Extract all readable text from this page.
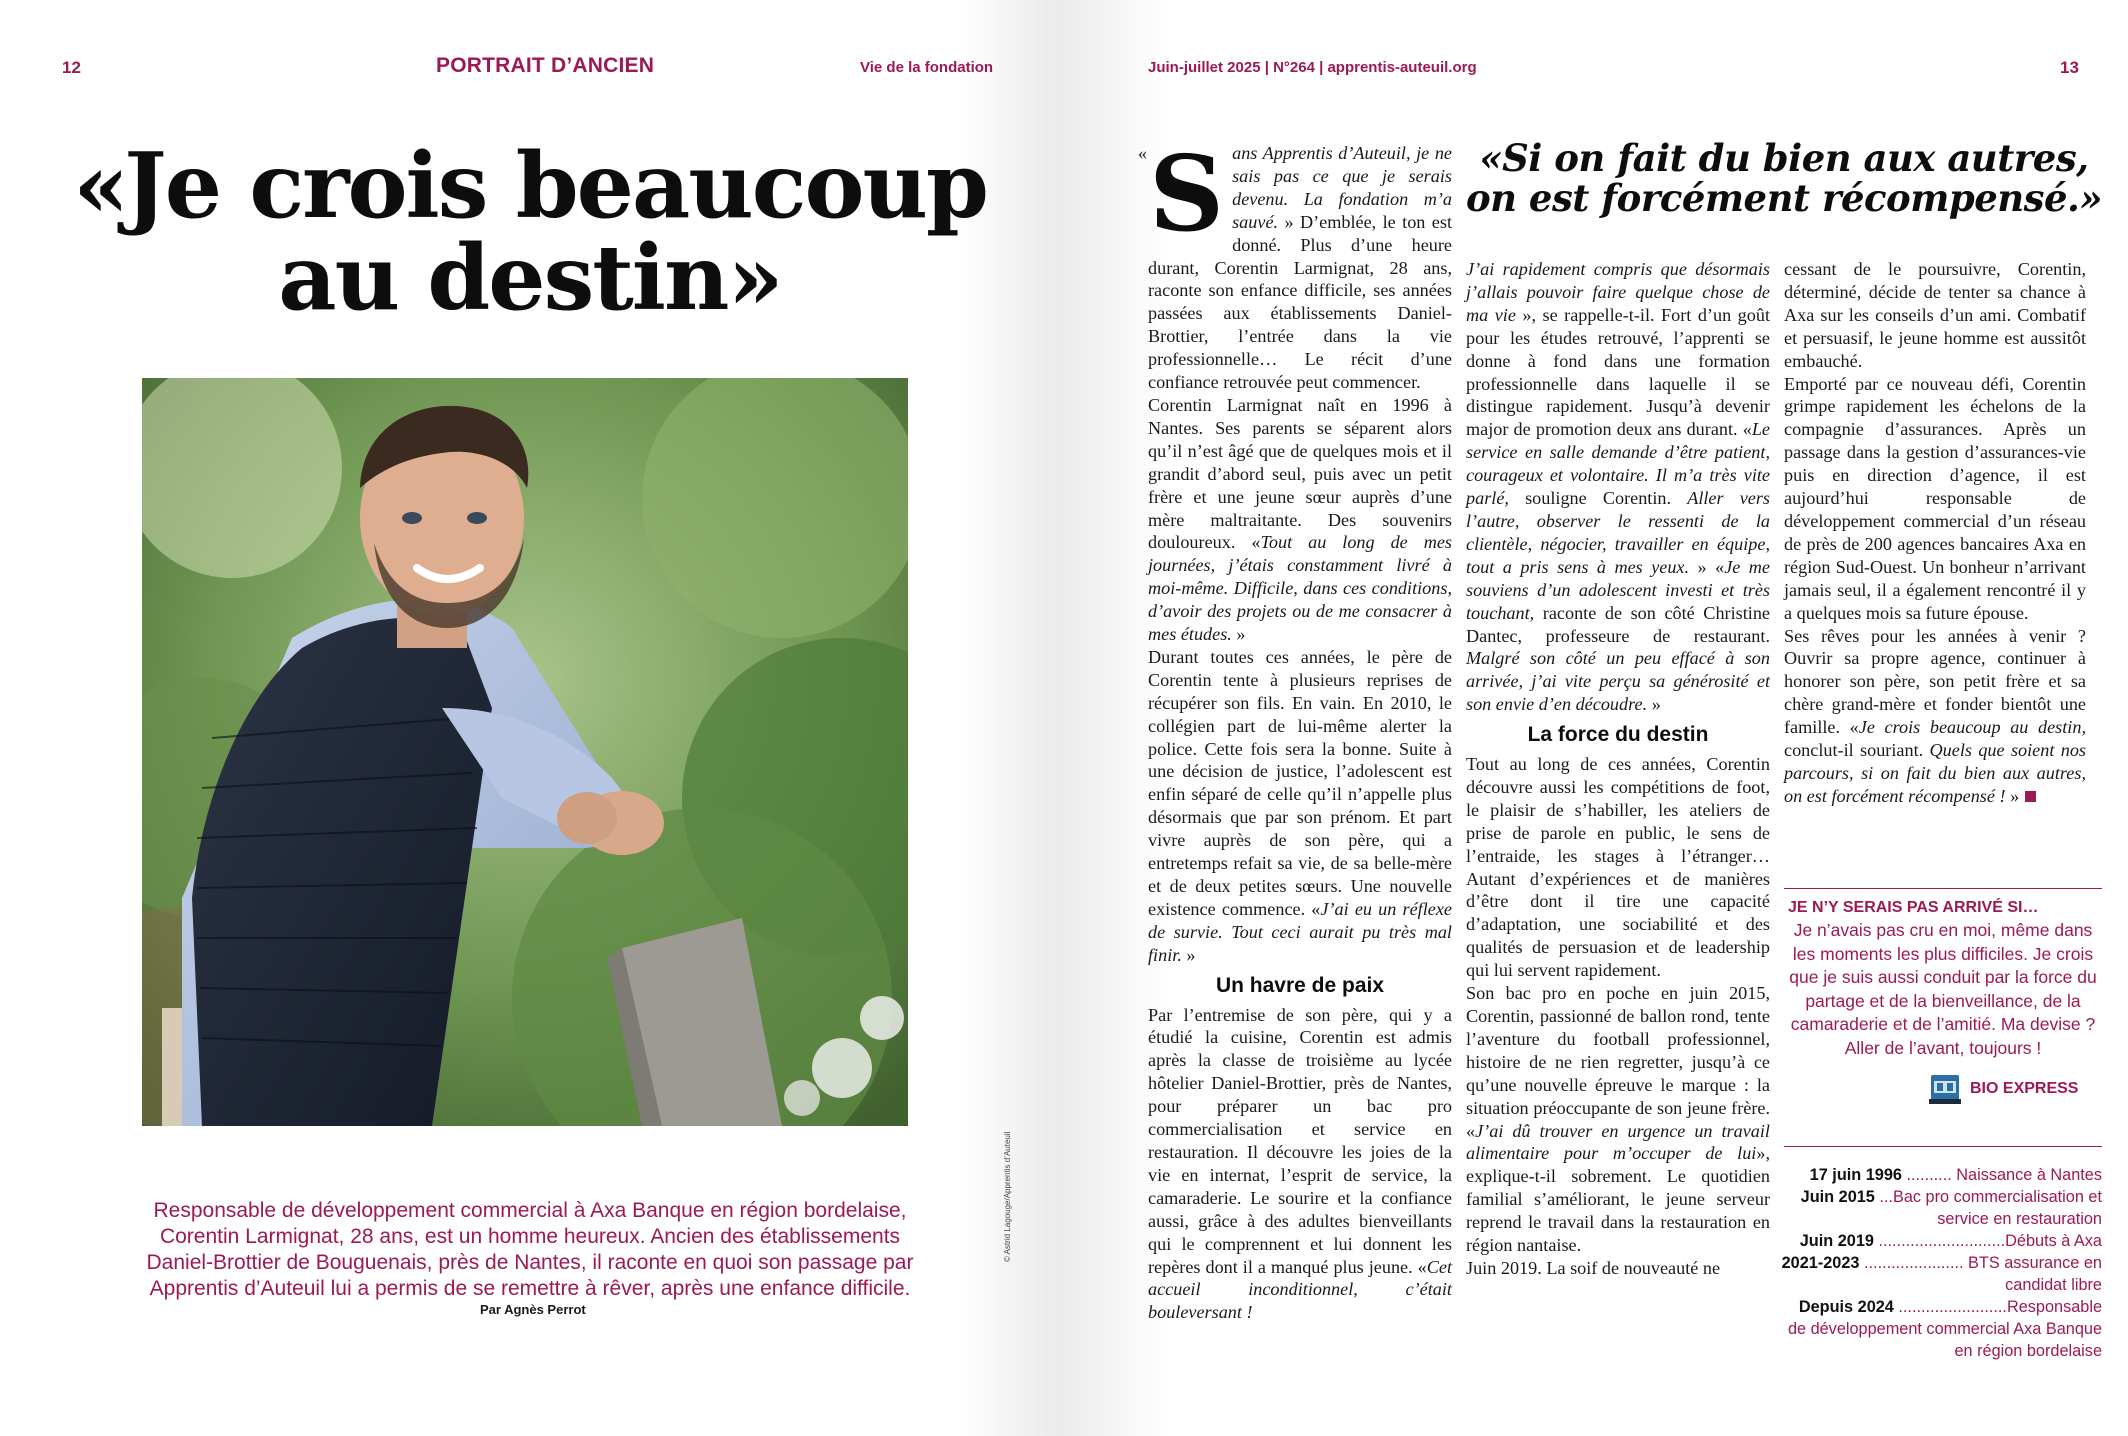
12	PORTRAIT D’ANCIEN	Vie de la fondation
«Je crois beaucoup au destin»
Responsable de développement commercial à Axa Banque en région bordelaise, Corentin Larmignat, 28 ans, est un homme heureux. Ancien des établissements Daniel-Brottier de Bouguenais, près de Nantes, il raconte en quoi son passage par Apprentis d’Auteuil lui a permis de se remettre à rêver, après une enfance difficile.
Par Agnès Perrot
© Astrid Lagouge/Apprentis d’Auteuil
Juin-juillet 2025 | N°264 | apprentis-auteuil.org	13
«Si on fait du bien aux autres, on est forcément récompensé.»
« S ans Apprentis d’Auteuil, je ne sais pas ce que je serais devenu. La fondation m’a sauvé. » D’emblée, le ton est donné. Plus d’une heure durant, Corentin Larmignat, 28 ans, raconte son enfance difficile, ses années passées aux établissements Daniel-Brottier, l’entrée dans la vie professionnelle… Le récit d’une confiance retrouvée peut commencer.

Corentin Larmignat naît en 1996 à Nantes. Ses parents se séparent alors qu’il n’est âgé que de quelques mois et il grandit d’abord seul, puis avec un petit frère et une jeune sœur auprès d’une mère maltraitante. Des souvenirs douloureux. «Tout au long de mes journées, j’étais constamment livré à moi-même. Difficile, dans ces conditions, d’avoir des projets ou de me consacrer à mes études. »

Durant toutes ces années, le père de Corentin tente à plusieurs reprises de récupérer son fils. En vain. En 2010, le collégien part de lui-même alerter la police. Cette fois sera la bonne. Suite à une décision de justice, l’adolescent est enfin séparé de celle qu’il n’appelle plus désormais que par son prénom. Et part vivre auprès de son père, qui a entretemps refait sa vie, de sa belle-mère et de deux petites sœurs. Une nouvelle existence commence. «J’ai eu un réflexe de survie. Tout ceci aurait pu très mal finir. »

Un havre de paix

Par l’entremise de son père, qui y a étudié la cuisine, Corentin est admis après la classe de troisième au lycée hôtelier Daniel-Brottier, près de Nantes, pour préparer un bac pro commercialisation et service en restauration. Il découvre les joies de la vie en internat, l’esprit de service, la camaraderie. Le sourire et la confiance aussi, grâce à des adultes bienveillants qui le comprennent et lui donnent les repères dont il a manqué plus jeune. «Cet accueil inconditionnel, c’était bouleversant !

J’ai rapidement compris que désormais j’allais pouvoir faire quelque chose de ma vie », se rappelle-t-il. Fort d’un goût pour les études retrouvé, l’apprenti se donne à fond dans une formation professionnelle dans laquelle il se distingue rapidement. Jusqu’à devenir major de promotion deux ans durant. «Le service en salle demande d’être patient, courageux et volontaire. Il m’a très vite parlé, souligne Corentin. Aller vers l’autre, observer le ressenti de la clientèle, négocier, travailler en équipe, tout a pris sens à mes yeux. » «Je me souviens d’un adolescent investi et très touchant, raconte de son côté Christine Dantec, professeure de restaurant. Malgré son côté un peu effacé à son arrivée, j’ai vite perçu sa générosité et son envie d’en découdre. »

La force du destin

Tout au long de ces années, Corentin découvre aussi les compétitions de foot, le plaisir de s’habiller, les ateliers de prise de parole en public, le sens de l’entraide, les stages à l’étranger… Autant d’expériences et de manières d’être dont il tire une capacité d’adaptation, une sociabilité et des qualités de persuasion et de leadership qui lui servent rapidement.

Son bac pro en poche en juin 2015, Corentin, passionné de ballon rond, tente l’aventure du football professionnel, histoire de ne rien regretter, jusqu’à ce qu’une nouvelle épreuve le marque : la situation préoccupante de son jeune frère. «J’ai dû trouver en urgence un travail alimentaire pour m’occuper de lui», explique-t-il sobrement. Le quotidien familial s’améliorant, le jeune serveur reprend le travail dans la restauration en région nantaise.

Juin 2019. La soif de nouveauté ne

cessant de le poursuivre, Corentin, déterminé, décide de tenter sa chance à Axa sur les conseils d’un ami. Combatif et persuasif, le jeune homme est aussitôt embauché.

Emporté par ce nouveau défi, Corentin grimpe rapidement les échelons de la compagnie d’assurances. Après un passage dans la gestion d’assurances-vie puis en direction d’agence, il est aujourd’hui responsable de développement commercial d’un réseau de près de 200 agences bancaires Axa en région Sud-Ouest. Un bonheur n’arrivant jamais seul, il a également rencontré il y a quelques mois sa future épouse.

Ses rêves pour les années à venir ? Ouvrir sa propre agence, continuer à honorer son père, son petit frère et sa chère grand-mère et fonder bientôt une famille. «Je crois beaucoup au destin, conclut-il souriant. Quels que soient nos parcours, si on fait du bien aux autres, on est forcément récompensé ! »

JE N’Y SERAIS PAS ARRIVÉ SI…
Je n’avais pas cru en moi, même dans les moments les plus difficiles. Je crois que je suis aussi conduit par la force du partage et de la bienveillance, de la camaraderie et de l’amitié. Ma devise ? Aller de l’avant, toujours !
BIO EXPRESS
17 juin 1996 .......... Naissance à Nantes
Juin 2015 ...Bac pro commercialisation et service en restauration
Juin 2019 ............................Débuts à Axa
2021-2023 ...................... BTS assurance en candidat libre
Depuis 2024 ........................Responsable de développement commercial Axa Banque en région bordelaise
